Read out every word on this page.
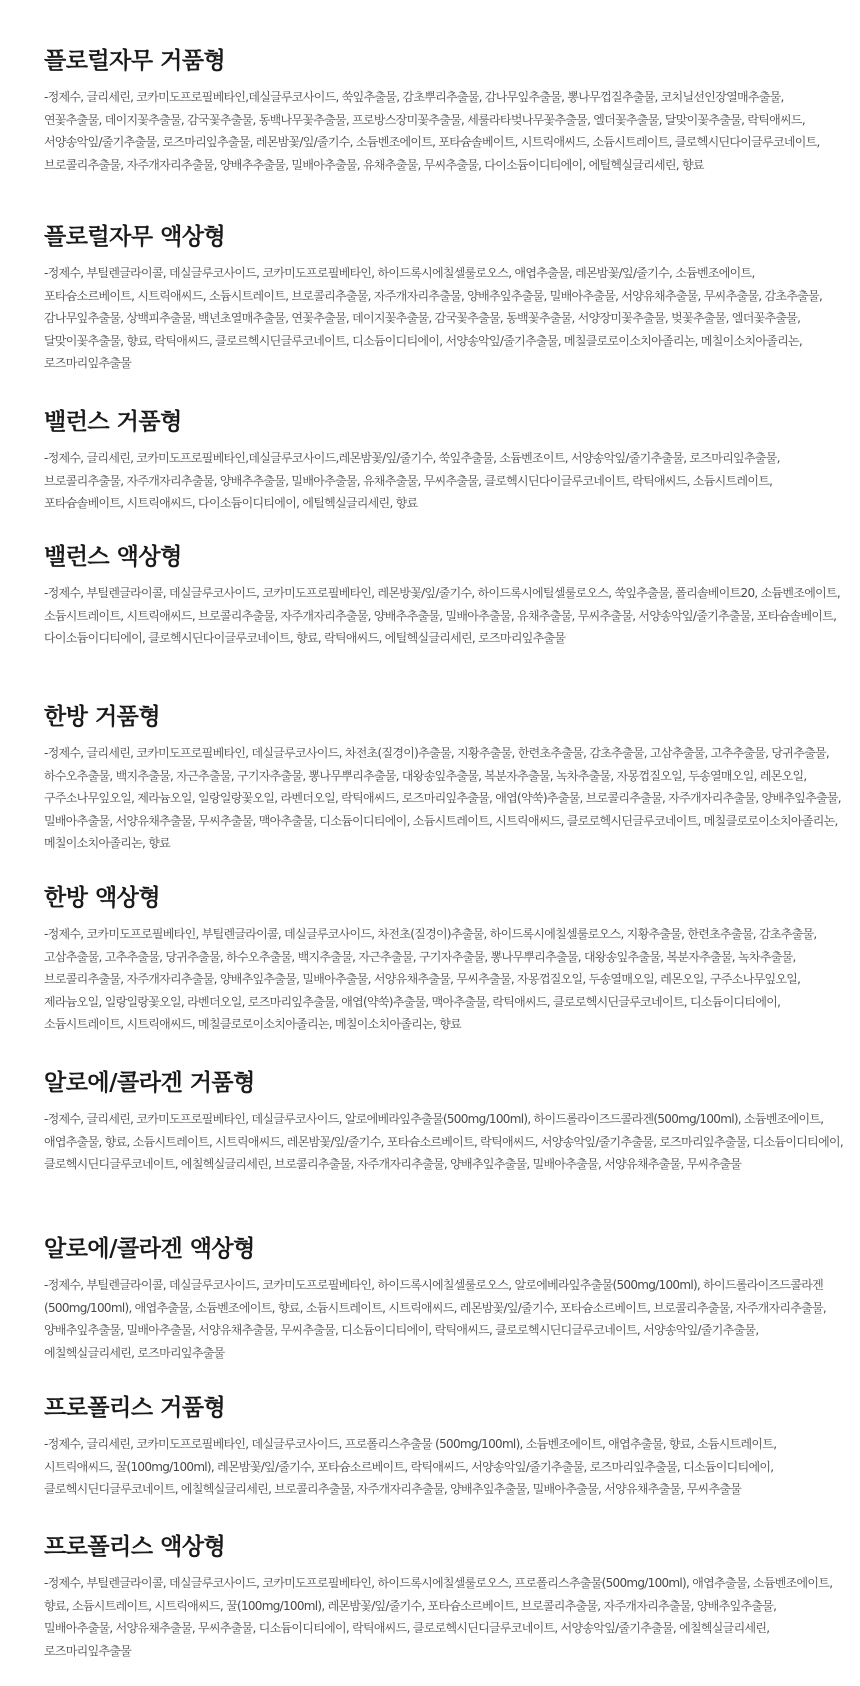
플로럴자무 거품형

-정제수, 글리세린, 코카미도프로필베타인,데실글루코사이드, 쑥잎추출물, 감초뿌리추출물, 감나무잎추출물, 뽕나무껍질추출물, 코치닐선인장열매추출물, 연꽃추출물, 데이지꽃추출물, 감국꽃추출물, 동백나무꽃추출물, 프로방스장미꽃추출물, 세룰라타벚나무꽃추출물, 엘더꽃추출물, 달맞이꽃추출물, 락틱애씨드, 서양송악잎/줄기추출물, 로즈마리잎추출물, 레몬밤꽃/잎/줄기수, 소듐벤조에이트, 포타슘솔베이트, 시트릭애씨드, 소듐시트레이트, 클로헥시딘다이글루코네이트, 브로콜리추출물, 자주개자리추출물, 양배추추출물, 밀배아추출물, 유채추출물, 무씨추출물, 다이소듐이디티에이, 에틸헥실글리세린, 향료

플로럴자무 액상형

-정제수, 부틸렌글라이콜, 데실글루코사이드, 코카미도프로필베타인, 하이드록시에칠셀룰로오스, 애엽추출물, 레몬밤꽃/잎/줄기수, 소듐벤조에이트, 포타슘소르베이트, 시트릭애씨드, 소듐시트레이트, 브로콜리추출물, 자주개자리추출물, 양배추잎추출물, 밀배아추출물, 서양유채추출물, 무씨추출물, 감초추출물, 감나무잎추출물, 상백피추출물, 백년초열매추출물, 연꽃추출물, 데이지꽃추출물, 감국꽃추출물, 동백꽃추출물, 서양장미꽃추출물, 벚꽃추출물, 엘더꽃추출물, 달맞이꽃추출물, 향료, 락틱애씨드, 클로르헥시딘글루코네이트, 디소듐이디티에이, 서양송악잎/줄기추출물, 메칠클로로이소치아졸리논, 메칠이소치아졸리논, 로즈마리잎추출물

밸런스 거품형

-정제수, 글리세린, 코카미도프로필베타인,데실글루코사이드,레몬밤꽃/잎/줄기수, 쑥잎추출물, 소듐벤조이트, 서양송악잎/줄기추출물, 로즈마리잎추출물, 브로콜리추출물, 자주개자리추출물, 양배추추출물, 밀배아추출물, 유채추출물, 무씨추출물, 클로헥시딘다이글루코네이트, 락틱애씨드, 소듐시트레이트, 포타슘솔베이트, 시트릭애씨드, 다이소듐이디티에이, 에틸헥실글리세린, 향료

밸런스 액상형

-정제수, 부틸렌글라이콜, 데실글루코사이드, 코카미도프로필베타인, 레몬방꽃/잎/줄기수, 하이드록시에틸셀룰로오스, 쑥잎추출물, 폴리솔베이트20, 소듐벤조에이트, 소듐시트레이트, 시트릭애씨드, 브로콜리추출물, 자주개자리추출물, 양배추추출물, 밀배아추출물, 유채추출물, 무씨추출물, 서양송악잎/줄기추출물, 포타슘솔베이트, 다이소듐이디티에이, 클로헥시딘다이글루코네이트, 향료, 락틱애씨드, 에틸헥실글리세린, 로즈마리잎추출물

한방 거품형

-정제수, 글리세린, 코카미도프로필베타인, 데실글루코사이드, 차전초(질경이)추출물, 지황추출물, 한련초추출물, 감초추출물, 고삼추출물, 고추추출물, 당귀추출물, 하수오추출물, 백지추출물, 자근추출물, 구기자추출물, 뽕나무뿌리추출물, 대왕송잎추출물, 복분자추출물, 녹차추출물, 자몽껍질오일, 두송열매오일, 레몬오일, 구주소나무잎오일, 제라늄오일, 일랑일랑꽃오일, 라벤더오일, 락틱애씨드, 로즈마리잎추출물, 애엽(약쑥)추출물, 브로콜리추출물, 자주개자리추출물, 양배추잎추출물, 밀배아추출물, 서양유채추출물, 무씨추출물, 맥아추출물, 디소듐이디티에이, 소듐시트레이트, 시트릭애씨드, 클로로헥시딘글루코네이트, 메칠클로로이소치아졸리논, 메칠이소치아졸리논, 향료

한방 액상형

-정제수, 코카미도프로필베타인, 부틸렌글라이콜, 데실글루코사이드, 차전초(질경이)추출물, 하이드록시에칠셀룰로오스, 지황추출물, 한련초추출물, 감초추출물, 고삼추출물, 고추추출물, 당귀추출물, 하수오추출물, 백지추출물, 자근추출물, 구기자추출물, 뽕나무뿌리추출물, 대왕송잎추출물, 복분자추출물, 녹차추출물, 브로콜리추출물, 자주개자리추출물, 양배추잎추출물, 밀배아추출물, 서양유채추출물, 무씨추출물, 자몽껍질오일, 두송열매오일, 레몬오일, 구주소나무잎오일, 제라늄오일, 일랑일랑꽃오일, 라벤더오일, 로즈마리잎추출물, 애엽(약쑥)추출물, 맥아추출물, 락틱애씨드, 클로로헥시딘글루코네이트, 디소듐이디티에이, 소듐시트레이트, 시트릭애씨드, 메칠클로로이소치아졸리논, 메칠이소치아졸리논, 향료

알로에/콜라겐 거품형

-정제수, 글리세린, 코카미도프로필베타인, 데실글루코사이드, 알로에베라잎추출물(500mg/100ml), 하이드롤라이즈드콜라겐(500mg/100ml), 소듐벤조에이트, 애엽추출물, 향료, 소듐시트레이트, 시트릭애씨드, 레몬밤꽃/잎/줄기수, 포타슘소르베이트, 락틱애씨드, 서양송악잎/줄기추출물, 로즈마리잎추출물, 디소듐이디티에이, 클로헥시딘디글루코네이트, 에칠헥실글리세린, 브로콜리추출물, 자주개자리추출물, 양배추잎추출물, 밀배아추출물, 서양유채추출물, 무씨추출물

알로에/콜라겐 액상형

-정제수, 부틸렌글라이콜, 데실글루코사이드, 코카미도프로필베타인, 하이드록시에칠셀룰로오스, 알로에베라잎추출물(500mg/100ml), 하이드롤라이즈드콜라겐(500mg/100ml), 애엽추출물, 소듐벤조에이트, 향료, 소듐시트레이트, 시트릭애씨드, 레몬밤꽃/잎/줄기수, 포타슘소르베이트, 브로콜리추출물, 자주개자리추출물, 양배추잎추출물, 밀배아추출물, 서양유채추출물, 무씨추출물, 디소듐이디티에이, 락틱애씨드, 클로로헥시딘디글루코네이트, 서양송악잎/줄기추출물, 에칠헥실글리세린, 로즈마리잎추출물

프로폴리스 거품형

-정제수, 글리세린, 코카미도프로필베타인, 데실글루코사이드, 프로폴리스추출물 (500mg/100ml), 소듐벤조에이트, 애엽추출물, 향료, 소듐시트레이트, 시트릭애씨드, 꿀(100mg/100ml), 레몬밤꽃/잎/줄기수, 포타슘소르베이트, 락틱애씨드, 서양송악잎/줄기추출물, 로즈마리잎추출물, 디소듐이디티에이, 클로헥시딘디글루코네이트, 에칠헥실글리세린, 브로콜리추출물, 자주개자리추출물, 양배추잎추출물, 밀배아추출물, 서양유채추출물, 무씨추출물

프로폴리스 액상형

-정제수, 부틸렌글라이콜, 데실글루코사이드, 코카미도프로필베타인, 하이드록시에칠셀룰로오스, 프로폴리스추출물(500mg/100ml), 애엽추출물, 소듐벤조에이트, 향료, 소듐시트레이트, 시트릭애씨드, 꿀(100mg/100ml), 레몬밤꽃/잎/줄기수, 포타슘소르베이트, 브로콜리추출물, 자주개자리추출물, 양배추잎추출물, 밀배아추출물, 서양유채추출물, 무씨추출물, 디소듐이디티에이, 락틱애씨드, 클로로헥시딘디글루코네이트, 서양송악잎/줄기추출물, 에칠헥실글리세린, 로즈마리잎추출물
